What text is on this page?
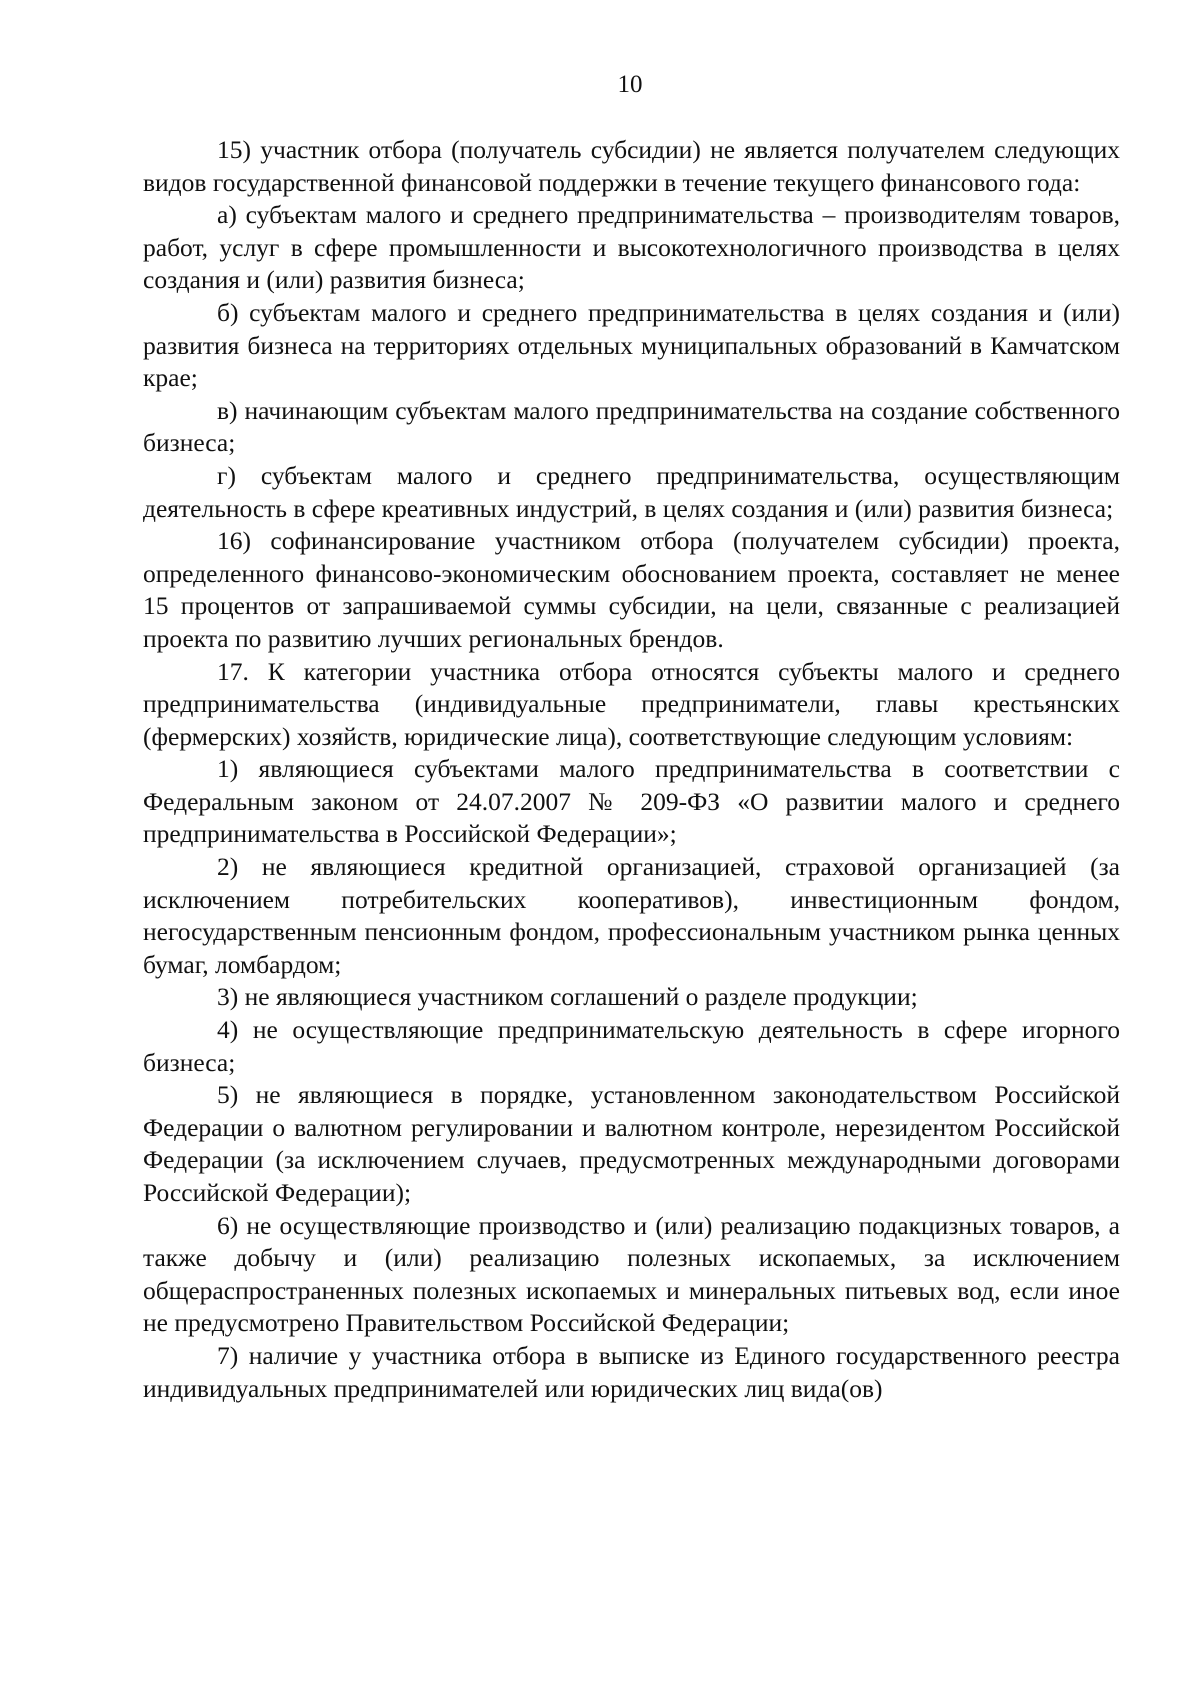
10

15) участник отбора (получатель субсидии) не является получателем следующих видов государственной финансовой поддержки в течение текущего финансового года:

а) субъектам малого и среднего предпринимательства – производителям товаров, работ, услуг в сфере промышленности и высокотехнологичного производства в целях создания и (или) развития бизнеса;

б) субъектам малого и среднего предпринимательства в целях создания и (или) развития бизнеса на территориях отдельных муниципальных образований в Камчатском крае;

в) начинающим субъектам малого предпринимательства на создание собственного бизнеса;

г) субъектам малого и среднего предпринимательства, осуществляющим деятельность в сфере креативных индустрий, в целях создания и (или) развития бизнеса;

16) софинансирование участником отбора (получателем субсидии) проекта, определенного финансово-экономическим обоснованием проекта, составляет не менее 15 процентов от запрашиваемой суммы субсидии, на цели, связанные с реализацией проекта по развитию лучших региональных брендов.

17. К категории участника отбора относятся субъекты малого и среднего предпринимательства (индивидуальные предприниматели, главы крестьянских (фермерских) хозяйств, юридические лица), соответствующие следующим условиям:

1) являющиеся субъектами малого предпринимательства в соответствии с Федеральным законом от 24.07.2007 № 209-ФЗ «О развитии малого и среднего предпринимательства в Российской Федерации»;

2) не являющиеся кредитной организацией, страховой организацией (за исключением потребительских кооперативов), инвестиционным фондом, негосударственным пенсионным фондом, профессиональным участником рынка ценных бумаг, ломбардом;

3) не являющиеся участником соглашений о разделе продукции;

4) не осуществляющие предпринимательскую деятельность в сфере игорного бизнеса;

5) не являющиеся в порядке, установленном законодательством Российской Федерации о валютном регулировании и валютном контроле, нерезидентом Российской Федерации (за исключением случаев, предусмотренных международными договорами Российской Федерации);

6) не осуществляющие производство и (или) реализацию подакцизных товаров, а также добычу и (или) реализацию полезных ископаемых, за исключением общераспространенных полезных ископаемых и минеральных питьевых вод, если иное не предусмотрено Правительством Российской Федерации;

7) наличие у участника отбора в выписке из Единого государственного реестра индивидуальных предпринимателей или юридических лиц вида(ов)
